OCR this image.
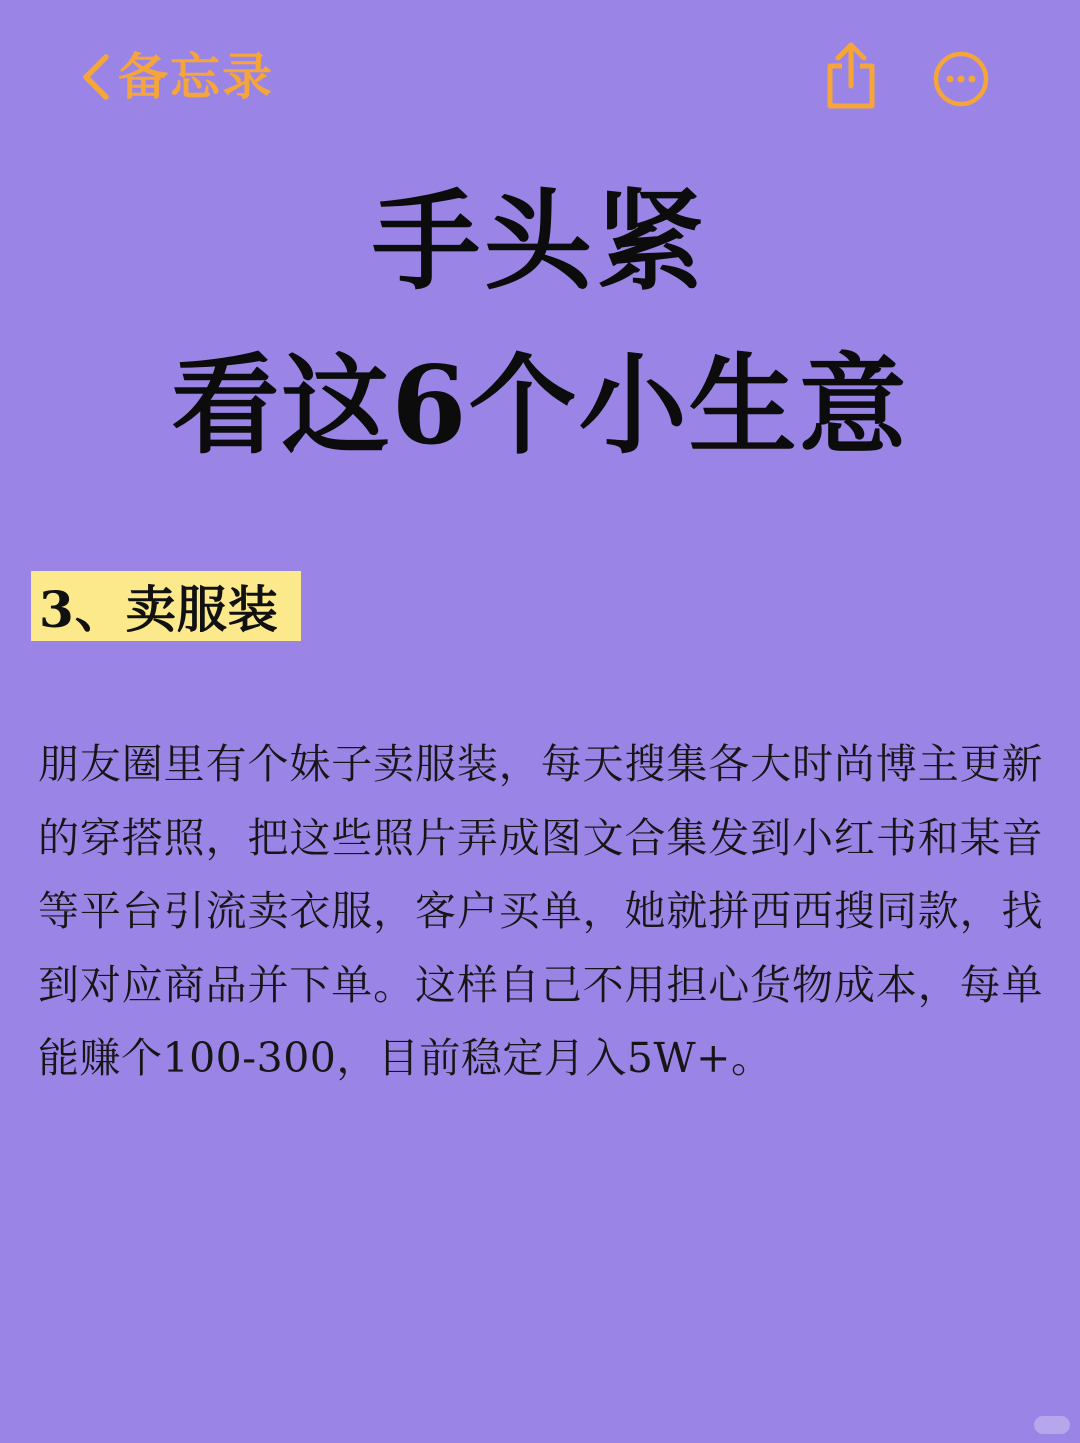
备忘录
手头紧
看这6个小生意
3、卖服装

朋友圈里有个妹子卖服装，每天搜集各大时尚博主更新的穿搭照，把这些照片弄成图文合集发到小红书和某音等平台引流卖衣服，客户买单，她就拼西西搜同款，找到对应商品并下单。这样自己不用担心货物成本，每单能赚个100-300，目前稳定月入5W+。
